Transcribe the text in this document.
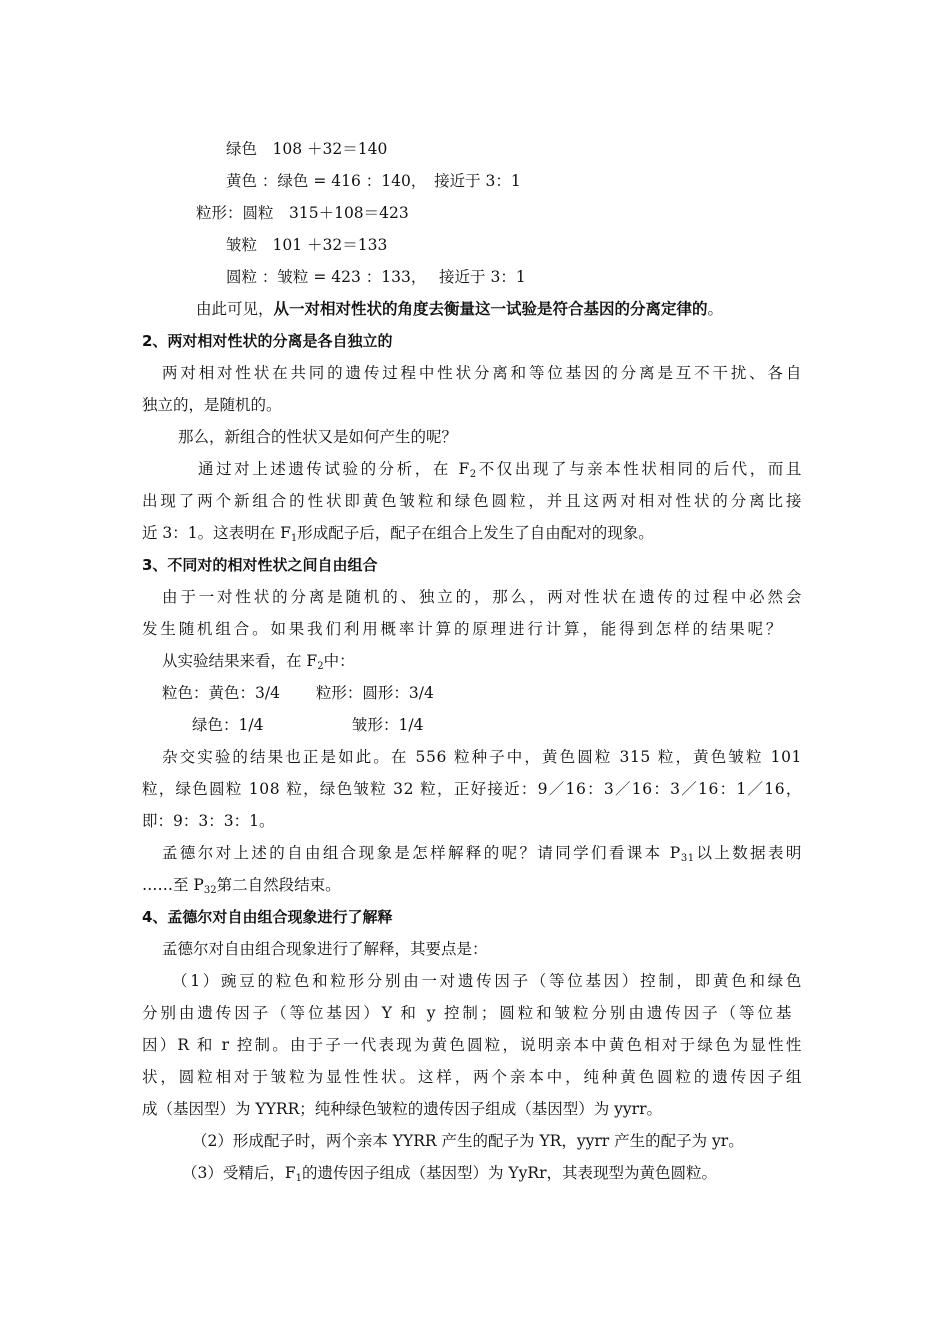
绿色　108 ＋32＝140
黄色 ：绿色 = 416 ：140，　接近于 3：1
粒形：圆粒　315＋108＝423
皱粒　101 ＋32＝133
圆粒 ：皱粒 = 423 ：133，　 接近于 3：1
由此可见，从一对相对性状的角度去衡量这一试验是符合基因的分离定律的。
2、两对相对性状的分离是各自独立的
两对相对性状在共同的遗传过程中性状分离和等位基因的分离是互不干扰、各自
独立的，是随机的。
那么，新组合的性状又是如何产生的呢？
通过对上述遗传试验的分析，在 $F_2$不仅出现了与亲本性状相同的后代，而且
出现了两个新组合的性状即黄色皱粒和绿色圆粒，并且这两对相对性状的分离比接
近 3：1。这表明在 $F_1$形成配子后，配子在组合上发生了自由配对的现象。
3、不同对的相对性状之间自由组合
由于一对性状的分离是随机的、独立的，那么，两对性状在遗传的过程中必然会
发生随机组合。如果我们利用概率计算的原理进行计算，能得到怎样的结果呢？
从实验结果来看，在 $F_2$中：
粒色：黄色：3/4　　 粒形：圆形：3/4
绿色：1/4	皱形：1/4
杂交实验的结果也正是如此。在 556 粒种子中，黄色圆粒 315 粒，黄色皱粒 101
粒，绿色圆粒 108 粒，绿色皱粒 32 粒，正好接近：9／16：3／16：3／16：1／16，
即：9：3：3：1。
孟德尔对上述的自由组合现象是怎样解释的呢？请同学们看课本 $P_{31}$以上数据表明
……至 $P_{32}$第二自然段结束。
4、孟德尔对自由组合现象进行了解释
孟德尔对自由组合现象进行了解释，其要点是：
（1）豌豆的粒色和粒形分别由一对遗传因子（等位基因）控制，即黄色和绿色
分别由遗传因子（等位基因）Y 和 y 控制；圆粒和皱粒分别由遗传因子（等位基
因）R 和 r 控制。由于子一代表现为黄色圆粒，说明亲本中黄色相对于绿色为显性性
状，圆粒相对于皱粒为显性性状。这样，两个亲本中，纯种黄色圆粒的遗传因子组
成（基因型）为 YYRR；纯种绿色皱粒的遗传因子组成（基因型）为 yyrr。
（2）形成配子时，两个亲本 YYRR 产生的配子为 YR，yyrr 产生的配子为 yr。
（3）受精后，$F_1$的遗传因子组成（基因型）为 YyRr，其表现型为黄色圆粒。
